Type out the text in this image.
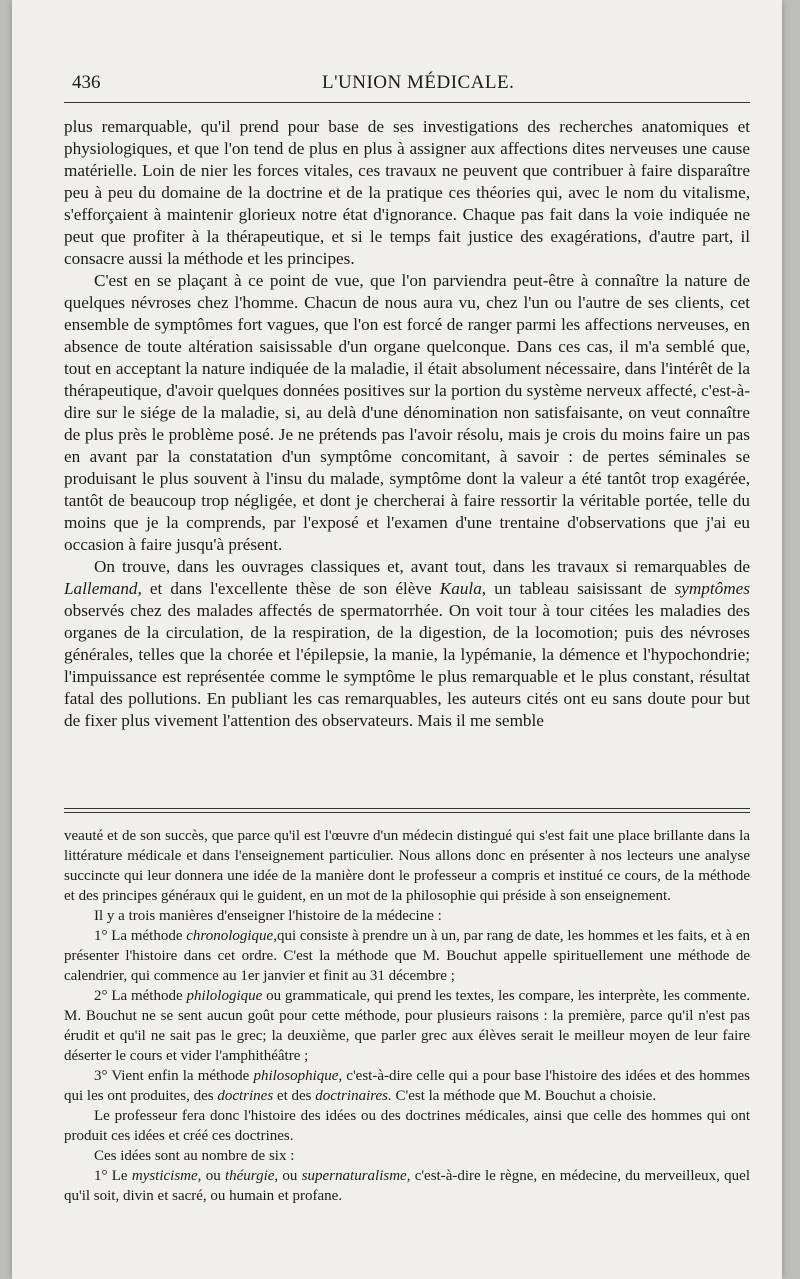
436	L'UNION MÉDICALE.

plus remarquable, qu'il prend pour base de ses investigations des recherches anatomiques et physiologiques, et que l'on tend de plus en plus à assigner aux affections dites nerveuses une cause matérielle. Loin de nier les forces vitales, ces travaux ne peuvent que contribuer à faire disparaître peu à peu du domaine de la doctrine et de la pratique ces théories qui, avec le nom du vitalisme, s'efforçaient à maintenir glorieux notre état d'ignorance. Chaque pas fait dans la voie indiquée ne peut que profiter à la thérapeutique, et si le temps fait justice des exagérations, d'autre part, il consacre aussi la méthode et les principes.

C'est en se plaçant à ce point de vue, que l'on parviendra peut-être à connaître la nature de quelques névroses chez l'homme. Chacun de nous aura vu, chez l'un ou l'autre de ses clients, cet ensemble de symptômes fort vagues, que l'on est forcé de ranger parmi les affections nerveuses, en absence de toute altération saisissable d'un organe quelconque. Dans ces cas, il m'a semblé que, tout en acceptant la nature indiquée de la maladie, il était absolument nécessaire, dans l'intérêt de la thérapeutique, d'avoir quelques données positives sur la portion du système nerveux affecté, c'est-à-dire sur le siége de la maladie, si, au delà d'une dénomination non satisfaisante, on veut connaître de plus près le problème posé. Je ne prétends pas l'avoir résolu, mais je crois du moins faire un pas en avant par la constatation d'un symptôme concomitant, à savoir : de pertes séminales se produisant le plus souvent à l'insu du malade, symptôme dont la valeur a été tantôt trop exagérée, tantôt de beaucoup trop négligée, et dont je chercherai à faire ressortir la véritable portée, telle du moins que je la comprends, par l'exposé et l'examen d'une trentaine d'observations que j'ai eu occasion à faire jusqu'à présent.

On trouve, dans les ouvrages classiques et, avant tout, dans les travaux si remarquables de Lallemand, et dans l'excellente thèse de son élève Kaula, un tableau saisissant de symptômes observés chez des malades affectés de spermatorrhée. On voit tour à tour citées les maladies des organes de la circulation, de la respiration, de la digestion, de la locomotion; puis des névroses générales, telles que la chorée et l'épilepsie, la manie, la lypémanie, la démence et l'hypochondrie; l'impuissance est représentée comme le symptôme le plus remarquable et le plus constant, résultat fatal des pollutions. En publiant les cas remarquables, les auteurs cités ont eu sans doute pour but de fixer plus vivement l'attention des observateurs. Mais il me semble

veauté et de son succès, que parce qu'il est l'œuvre d'un médecin distingué qui s'est fait une place brillante dans la littérature médicale et dans l'enseignement particulier. Nous allons donc en présenter à nos lecteurs une analyse succincte qui leur donnera une idée de la manière dont le professeur a compris et institué ce cours, de la méthode et des principes généraux qui le guident, en un mot de la philosophie qui préside à son enseignement.

Il y a trois manières d'enseigner l'histoire de la médecine :

1° La méthode chronologique,qui consiste à prendre un à un, par rang de date, les hommes et les faits, et à en présenter l'histoire dans cet ordre. C'est la méthode que M. Bouchut appelle spirituellement une méthode de calendrier, qui commence au 1er janvier et finit au 31 décembre ;

2° La méthode philologique ou grammaticale, qui prend les textes, les compare, les interprète, les commente. M. Bouchut ne se sent aucun goût pour cette méthode, pour plusieurs raisons : la première, parce qu'il n'est pas érudit et qu'il ne sait pas le grec; la deuxième, que parler grec aux élèves serait le meilleur moyen de leur faire déserter le cours et vider l'amphithéâtre ;

3° Vient enfin la méthode philosophique, c'est-à-dire celle qui a pour base l'histoire des idées et des hommes qui les ont produites, des doctrines et des doctrinaires. C'est la méthode que M. Bouchut a choisie.

Le professeur fera donc l'histoire des idées ou des doctrines médicales, ainsi que celle des hommes qui ont produit ces idées et créé ces doctrines.

Ces idées sont au nombre de six :

1° Le mysticisme, ou théurgie, ou supernaturalisme, c'est-à-dire le règne, en médecine, du merveilleux, quel qu'il soit, divin et sacré, ou humain et profane.
